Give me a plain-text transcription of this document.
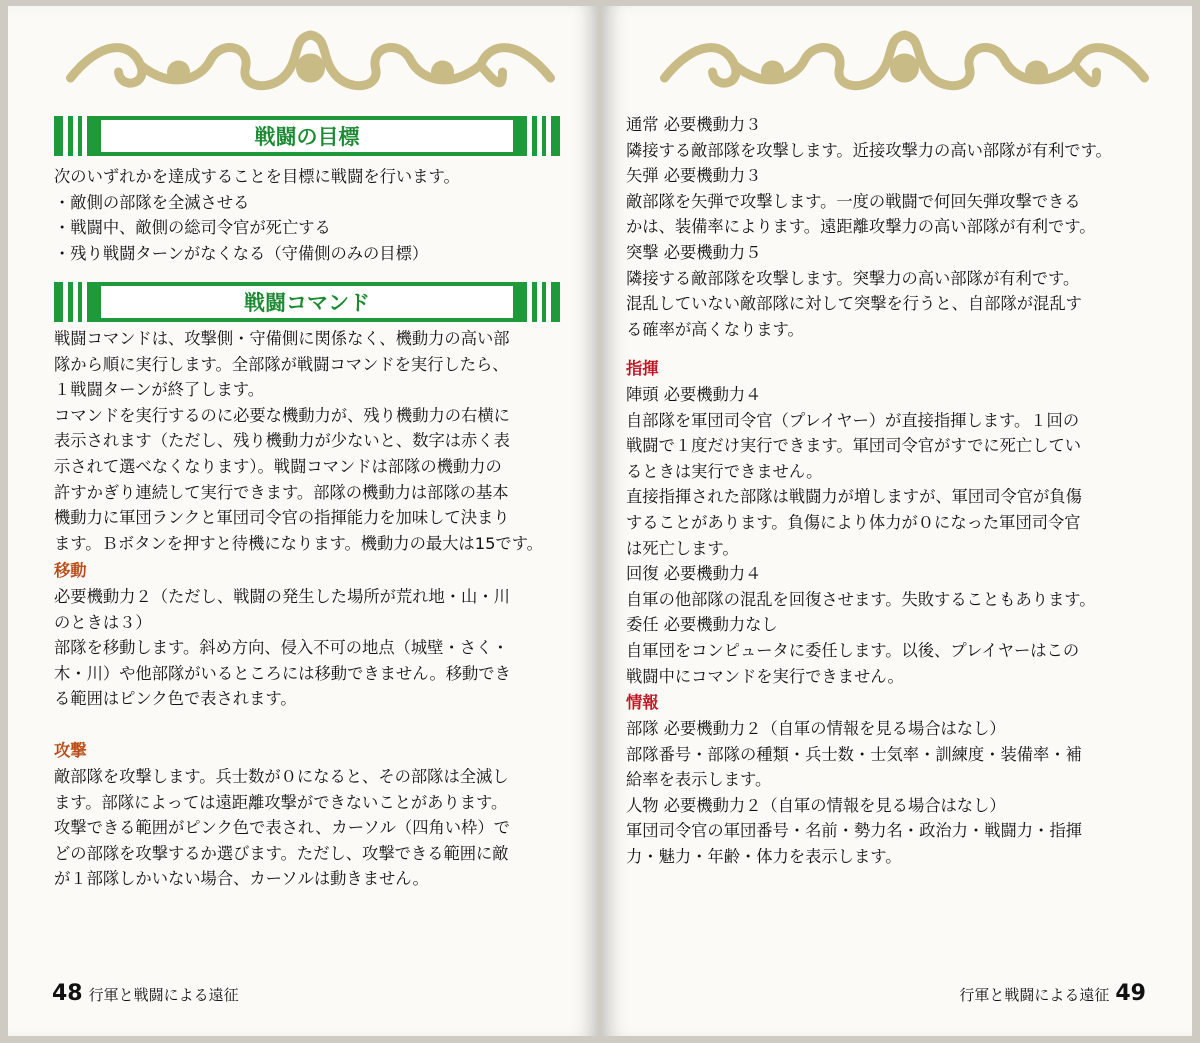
戦闘の目標

次のいずれかを達成することを目標に戦闘を行います。
・敵側の部隊を全滅させる
・戦闘中、敵側の総司令官が死亡する
・残り戦闘ターンがなくなる（守備側のみの目標）

戦闘コマンド

戦闘コマンドは、攻撃側・守備側に関係なく、機動力の高い部
隊から順に実行します。全部隊が戦闘コマンドを実行したら、
１戦闘ターンが終了します。
コマンドを実行するのに必要な機動力が、残り機動力の右横に
表示されます（ただし、残り機動力が少ないと、数字は赤く表
示されて選べなくなります）。戦闘コマンドは部隊の機動力の
許すかぎり連続して実行できます。部隊の機動力は部隊の基本
機動力に軍団ランクと軍団司令官の指揮能力を加味して決まり
ます。Ｂボタンを押すと待機になります。機動力の最大は15です。

移動

必要機動力２（ただし、戦闘の発生した場所が荒れ地・山・川
のときは３）
部隊を移動します。斜め方向、侵入不可の地点（城壁・さく・
木・川）や他部隊がいるところには移動できません。移動でき
る範囲はピンク色で表されます。

攻撃

敵部隊を攻撃します。兵士数が０になると、その部隊は全滅し
ます。部隊によっては遠距離攻撃ができないことがあります。
攻撃できる範囲がピンク色で表され、カーソル（四角い枠）で
どの部隊を攻撃するか選びます。ただし、攻撃できる範囲に敵
が１部隊しかいない場合、カーソルは動きません。

48 行軍と戦闘による遠征

通常 必要機動力３
隣接する敵部隊を攻撃します。近接攻撃力の高い部隊が有利です。
矢弾 必要機動力３
敵部隊を矢弾で攻撃します。一度の戦闘で何回矢弾攻撃できる
かは、装備率によります。遠距離攻撃力の高い部隊が有利です。
突撃 必要機動力５
隣接する敵部隊を攻撃します。突撃力の高い部隊が有利です。
混乱していない敵部隊に対して突撃を行うと、自部隊が混乱す
る確率が高くなります。

指揮

陣頭 必要機動力４
自部隊を軍団司令官（プレイヤー）が直接指揮します。１回の
戦闘で１度だけ実行できます。軍団司令官がすでに死亡してい
るときは実行できません。
直接指揮された部隊は戦闘力が増しますが、軍団司令官が負傷
することがあります。負傷により体力が０になった軍団司令官
は死亡します。
回復 必要機動力４
自軍の他部隊の混乱を回復させます。失敗することもあります。
委任 必要機動力なし
自軍団をコンピュータに委任します。以後、プレイヤーはこの
戦闘中にコマンドを実行できません。

情報

部隊 必要機動力２（自軍の情報を見る場合はなし）
部隊番号・部隊の種類・兵士数・士気率・訓練度・装備率・補
給率を表示します。
人物 必要機動力２（自軍の情報を見る場合はなし）
軍団司令官の軍団番号・名前・勢力名・政治力・戦闘力・指揮
力・魅力・年齢・体力を表示します。

行軍と戦闘による遠征 49
